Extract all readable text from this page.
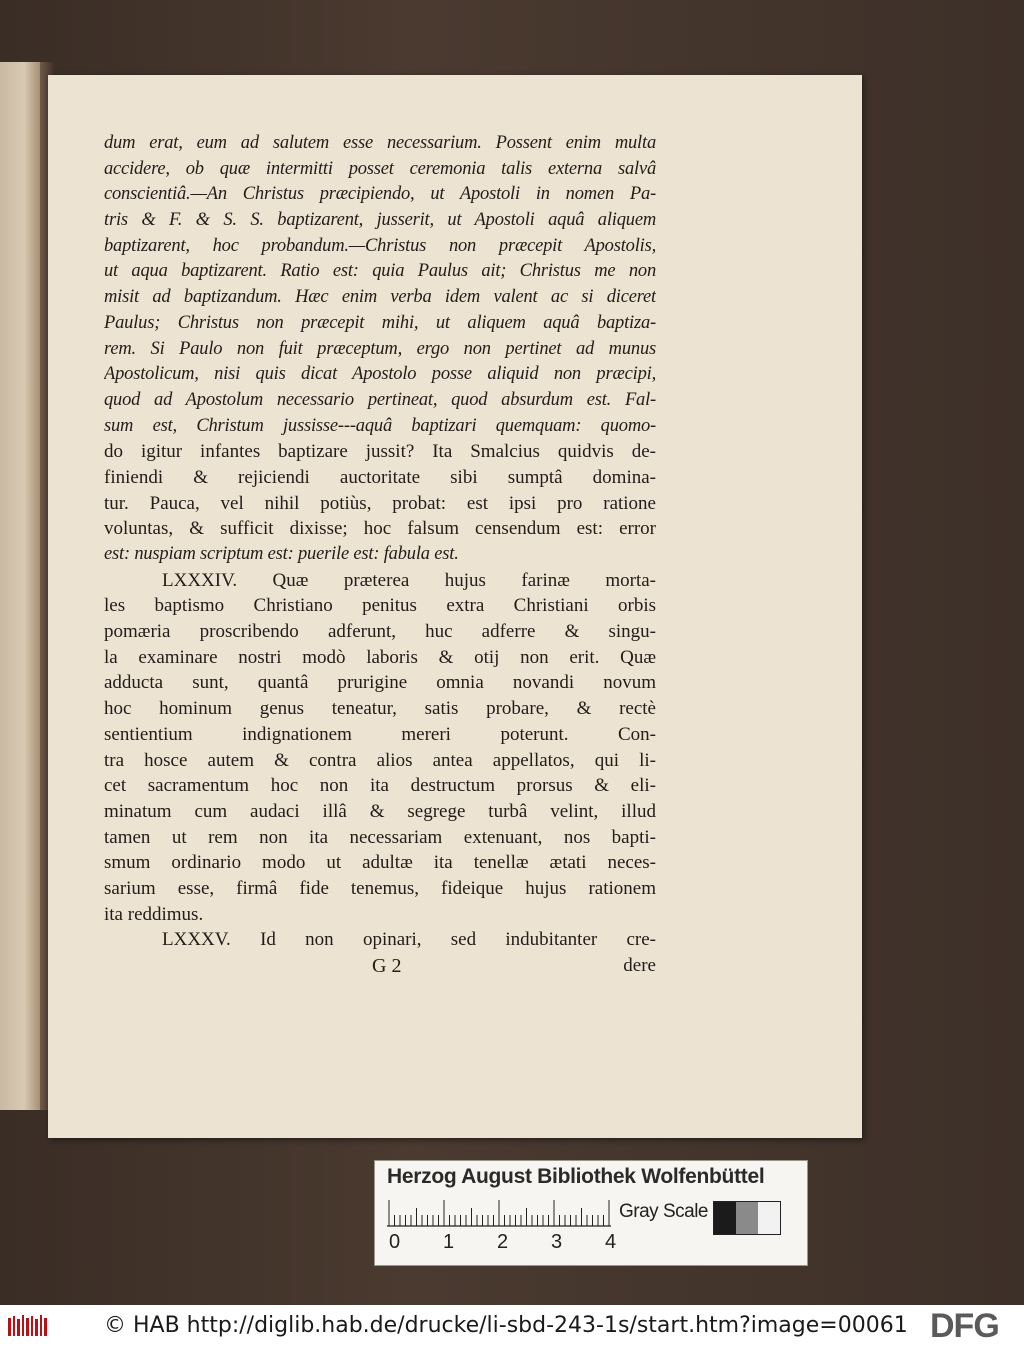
dum erat, eum ad salutem esse necessarium. Possent enim multa
accidere, ob quæ intermitti posset ceremonia talis externa salvâ
conscientiâ.—An Christus præcipiendo, ut Apostoli in nomen Pa-
tris & F. & S. S. baptizarent, jusserit, ut Apostoli aquâ aliquem
baptizarent, hoc probandum.—Christus non præcepit Apostolis,
ut aqua baptizarent. Ratio est: quia Paulus ait; Christus me non
misit ad baptizandum. Hæc enim verba idem valent ac si diceret
Paulus; Christus non præcepit mihi, ut aliquem aquâ baptiza-
rem. Si Paulo non fuit præceptum, ergo non pertinet ad munus
Apostolicum, nisi quis dicat Apostolo posse aliquid non præcipi,
quod ad Apostolum necessario pertineat, quod absurdum est. Fal-
sum est, Christum jussisse---aquâ baptizari quemquam: quomo-
do igitur infantes baptizare jussit? Ita Smalcius quidvis de-
finiendi & rejiciendi auctoritate sibi sumptâ domina-
tur. Pauca, vel nihil potiùs, probat: est ipsi pro ratione
voluntas, & sufficit dixisse; hoc falsum censendum est: error
est: nuspiam scriptum est: puerile est: fabula est.
LXXXIV. Quæ præterea hujus farinæ morta-
les baptismo Christiano penitus extra Christiani orbis
pomæria proscribendo adferunt, huc adferre & singu-
la examinare nostri modò laboris & otij non erit. Quæ
adducta sunt, quantâ prurigine omnia novandi novum
hoc hominum genus teneatur, satis probare, & rectè
sentientium indignationem mereri poterunt. Con-
tra hosce autem & contra alios antea appellatos, qui li-
cet sacramentum hoc non ita destructum prorsus & eli-
minatum cum audaci illâ & segrege turbâ velint, illud
tamen ut rem non ita necessariam extenuant, nos bapti-
smum ordinario modo ut adultæ ita tenellæ ætati neces-
sarium esse, firmâ fide tenemus, fideique hujus rationem
ita reddimus.
LXXXV. Id non opinari, sed indubitanter cre-
G 2	dere
Herzog August Bibliothek Wolfenbüttel
0 1 2 3 4
Gray Scale
© HAB http://diglib.hab.de/drucke/li-sbd-243-1s/start.htm?image=00061 DFG
